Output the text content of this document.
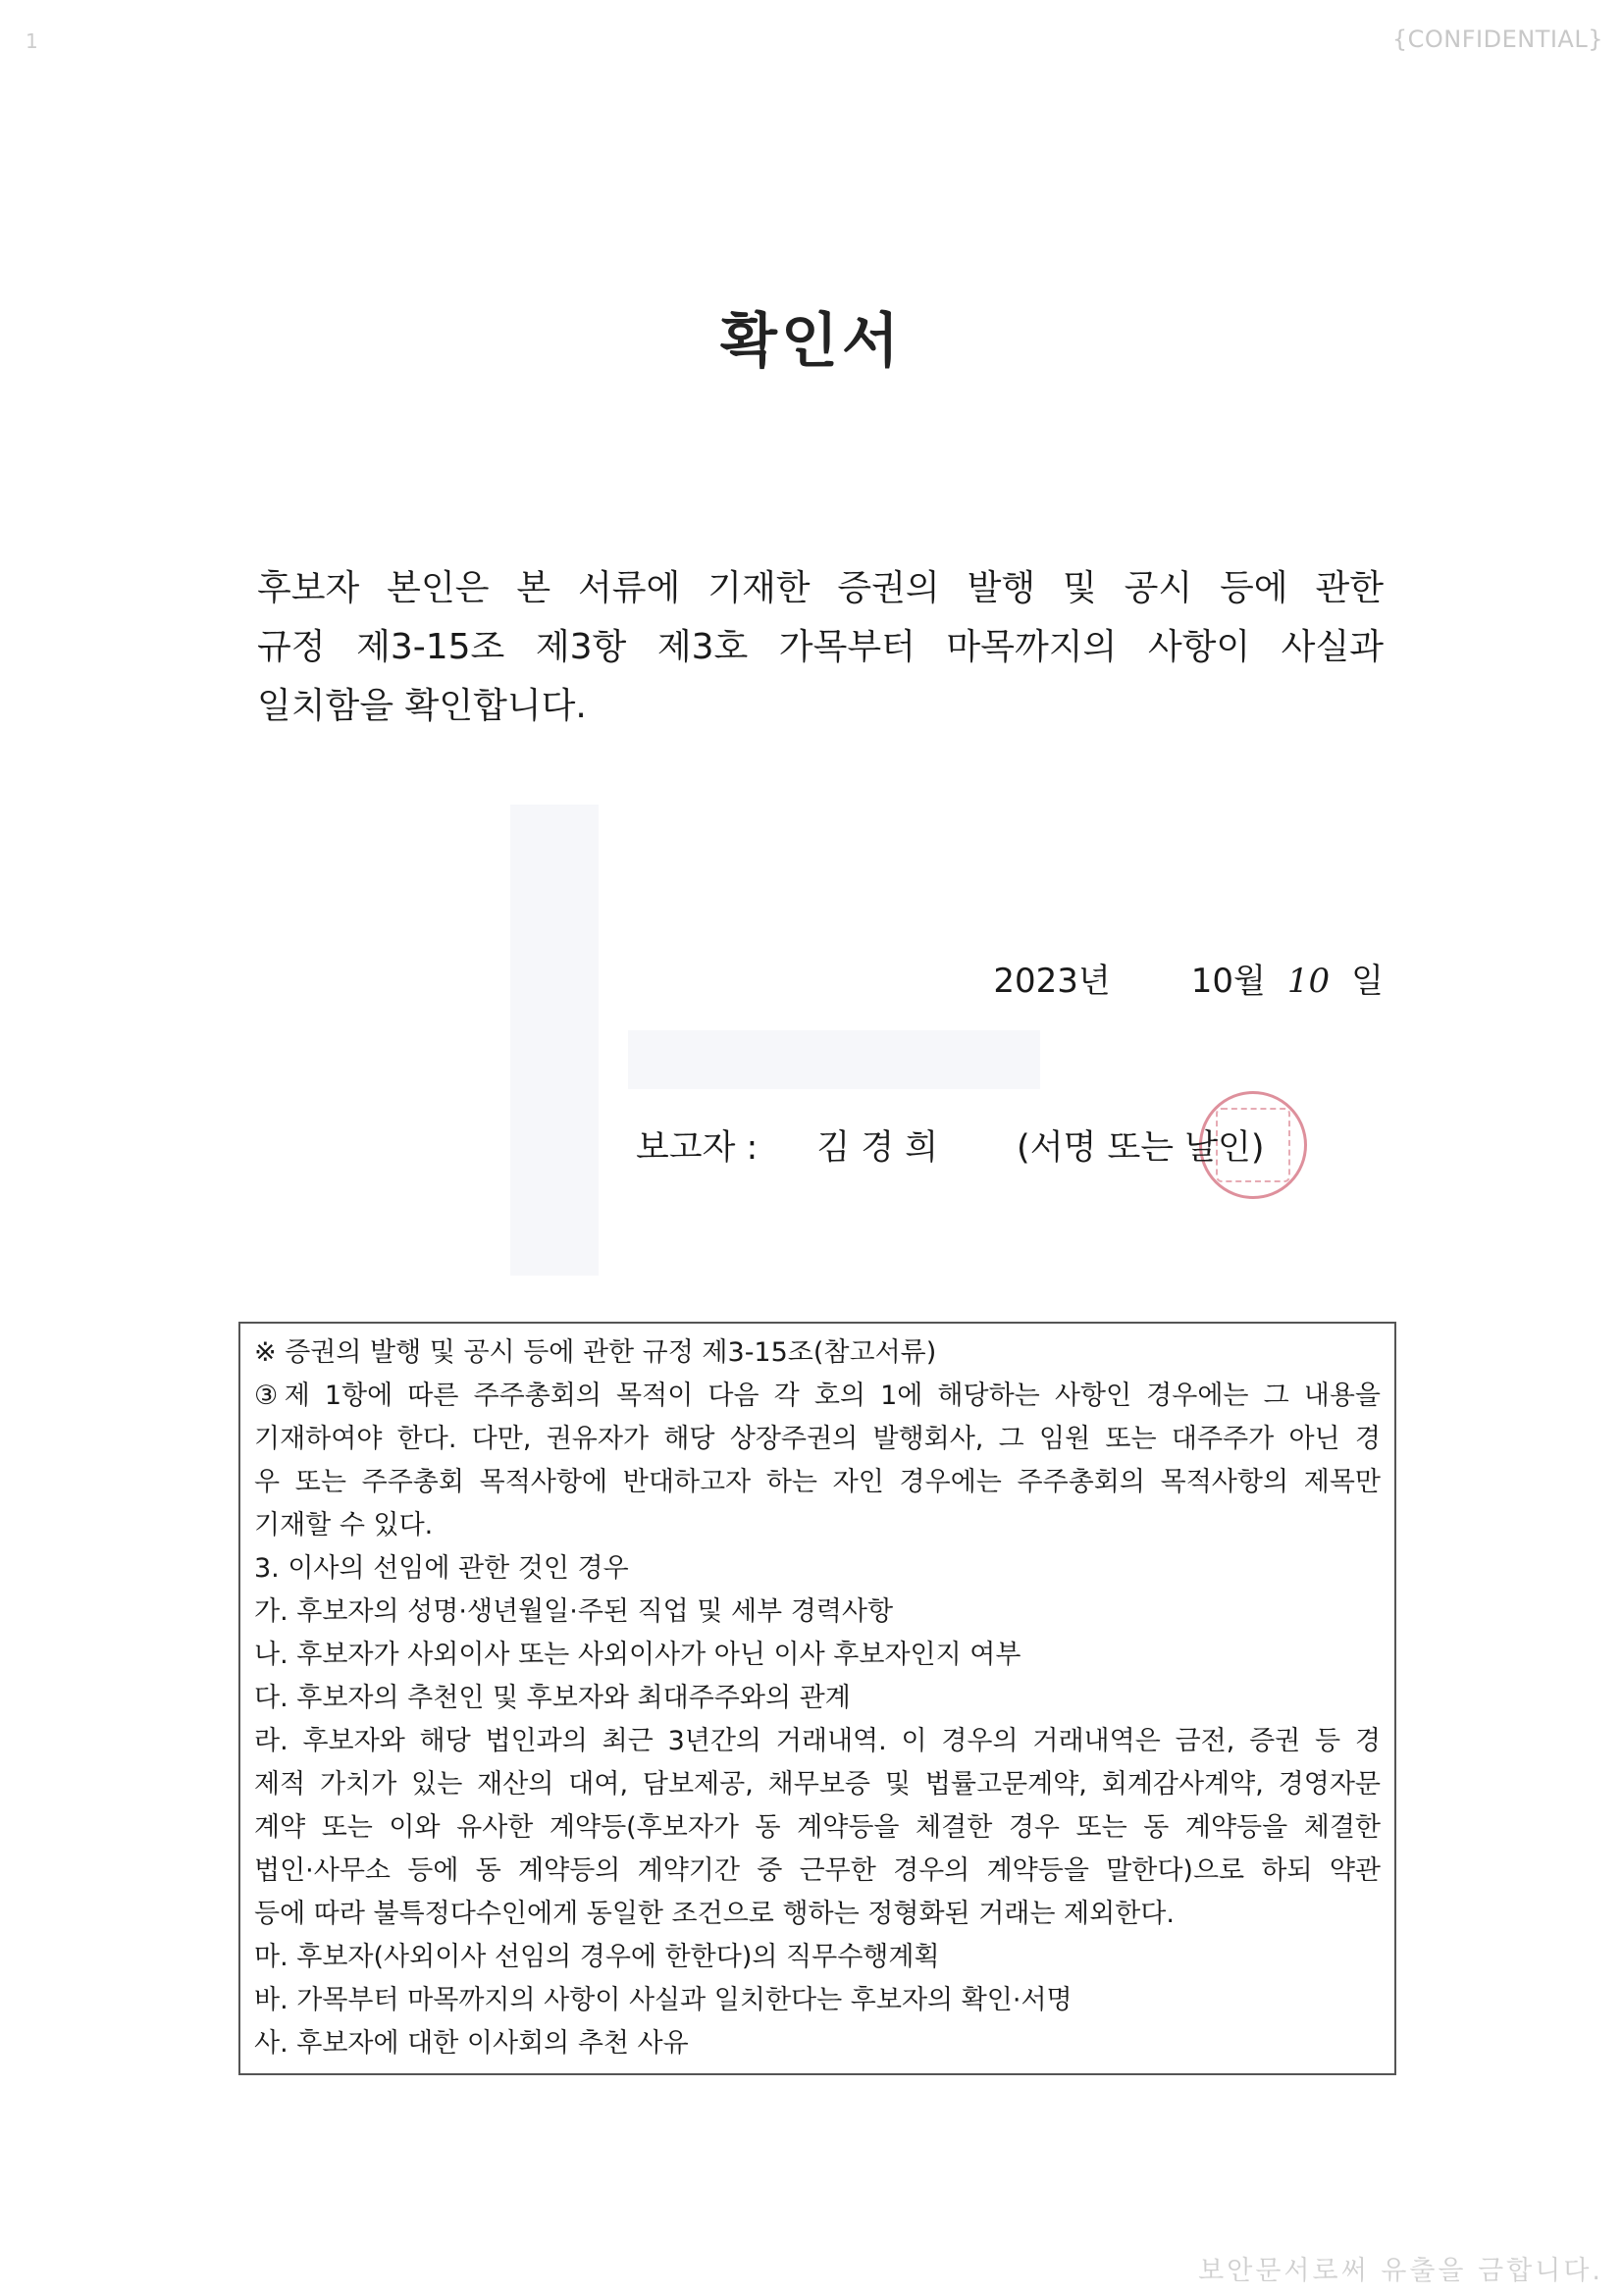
1	{CONFIDENTIAL}
확인서
후보자 본인은 본 서류에 기재한 증권의 발행 및 공시 등에 관한
규정 제3-15조 제3항 제3호 가목부터 마목까지의 사항이 사실과
일치함을 확인합니다.
2023년 10월 10 일
보고자 : 김 경 희 (서명 또는 날인)
※ 증권의 발행 및 공시 등에 관한 규정 제3-15조(참고서류)
③제 1항에 따른 주주총회의 목적이 다음 각 호의 1에 해당하는 사항인 경우에는 그 내용을
기재하여야 한다. 다만, 권유자가 해당 상장주권의 발행회사, 그 임원 또는 대주주가 아닌 경
우 또는 주주총회 목적사항에 반대하고자 하는 자인 경우에는 주주총회의 목적사항의 제목만
기재할 수 있다.
3. 이사의 선임에 관한 것인 경우
가. 후보자의 성명·생년월일·주된 직업 및 세부 경력사항
나. 후보자가 사외이사 또는 사외이사가 아닌 이사 후보자인지 여부
다. 후보자의 추천인 및 후보자와 최대주주와의 관계
라. 후보자와 해당 법인과의 최근 3년간의 거래내역. 이 경우의 거래내역은 금전, 증권 등 경
제적 가치가 있는 재산의 대여, 담보제공, 채무보증 및 법률고문계약, 회계감사계약, 경영자문
계약 또는 이와 유사한 계약등(후보자가 동 계약등을 체결한 경우 또는 동 계약등을 체결한
법인·사무소 등에 동 계약등의 계약기간 중 근무한 경우의 계약등을 말한다)으로 하되 약관
등에 따라 불특정다수인에게 동일한 조건으로 행하는 정형화된 거래는 제외한다.
마. 후보자(사외이사 선임의 경우에 한한다)의 직무수행계획
바. 가목부터 마목까지의 사항이 사실과 일치한다는 후보자의 확인·서명
사. 후보자에 대한 이사회의 추천 사유
보안문서로써 유출을 금합니다.
